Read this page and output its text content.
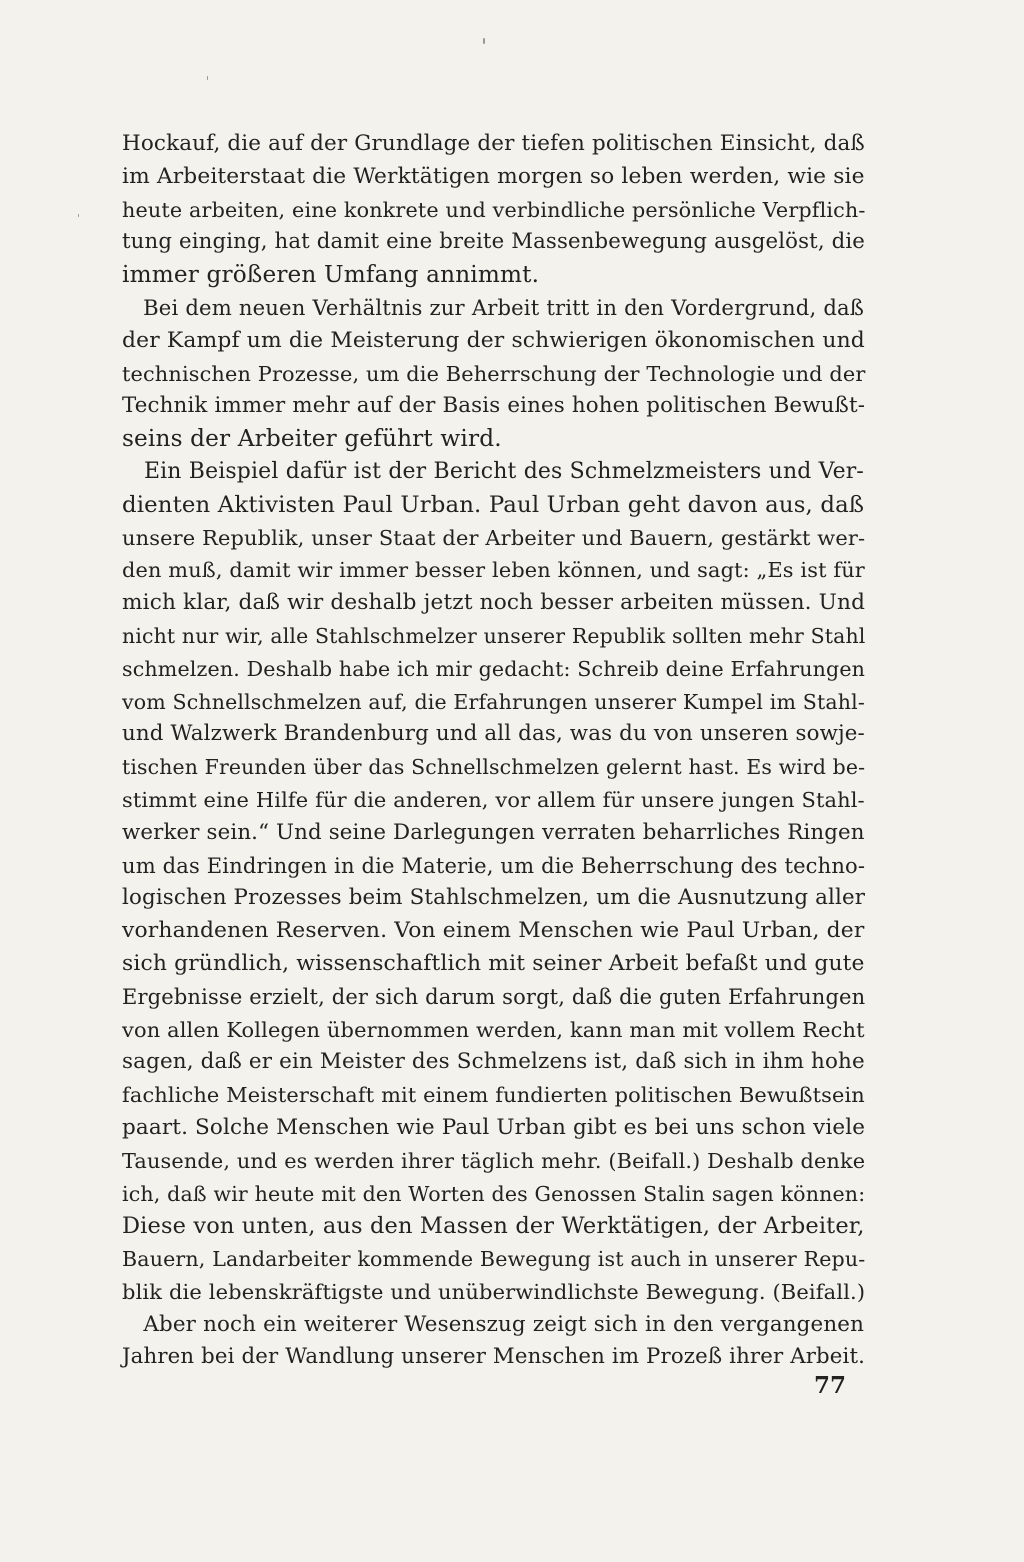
Hockauf, die auf der Grundlage der tiefen politischen Einsicht, daß
im Arbeiterstaat die Werktätigen morgen so leben werden, wie sie
heute arbeiten, eine konkrete und verbindliche persönliche Verpflich-
tung einging, hat damit eine breite Massenbewegung ausgelöst, die
immer größeren Umfang annimmt.

Bei dem neuen Verhältnis zur Arbeit tritt in den Vordergrund, daß
der Kampf um die Meisterung der schwierigen ökonomischen und
technischen Prozesse, um die Beherrschung der Technologie und der
Technik immer mehr auf der Basis eines hohen politischen Bewußt-
seins der Arbeiter geführt wird.

Ein Beispiel dafür ist der Bericht des Schmelzmeisters und Ver-
dienten Aktivisten Paul Urban. Paul Urban geht davon aus, daß
unsere Republik, unser Staat der Arbeiter und Bauern, gestärkt wer-
den muß, damit wir immer besser leben können, und sagt: „Es ist für
mich klar, daß wir deshalb jetzt noch besser arbeiten müssen. Und
nicht nur wir, alle Stahlschmelzer unserer Republik sollten mehr Stahl
schmelzen. Deshalb habe ich mir gedacht: Schreib deine Erfahrungen
vom Schnellschmelzen auf, die Erfahrungen unserer Kumpel im Stahl-
und Walzwerk Brandenburg und all das, was du von unseren sowje-
tischen Freunden über das Schnellschmelzen gelernt hast. Es wird be-
stimmt eine Hilfe für die anderen, vor allem für unsere jungen Stahl-
werker sein.“ Und seine Darlegungen verraten beharrliches Ringen
um das Eindringen in die Materie, um die Beherrschung des techno-
logischen Prozesses beim Stahlschmelzen, um die Ausnutzung aller
vorhandenen Reserven. Von einem Menschen wie Paul Urban, der
sich gründlich, wissenschaftlich mit seiner Arbeit befaßt und gute
Ergebnisse erzielt, der sich darum sorgt, daß die guten Erfahrungen
von allen Kollegen übernommen werden, kann man mit vollem Recht
sagen, daß er ein Meister des Schmelzens ist, daß sich in ihm hohe
fachliche Meisterschaft mit einem fundierten politischen Bewußtsein
paart. Solche Menschen wie Paul Urban gibt es bei uns schon viele
Tausende, und es werden ihrer täglich mehr. (Beifall.) Deshalb denke
ich, daß wir heute mit den Worten des Genossen Stalin sagen können:
Diese von unten, aus den Massen der Werktätigen, der Arbeiter,
Bauern, Landarbeiter kommende Bewegung ist auch in unserer Repu-
blik die lebenskräftigste und unüberwindlichste Bewegung. (Beifall.)

Aber noch ein weiterer Wesenszug zeigt sich in den vergangenen
Jahren bei der Wandlung unserer Menschen im Prozeß ihrer Arbeit.

77
